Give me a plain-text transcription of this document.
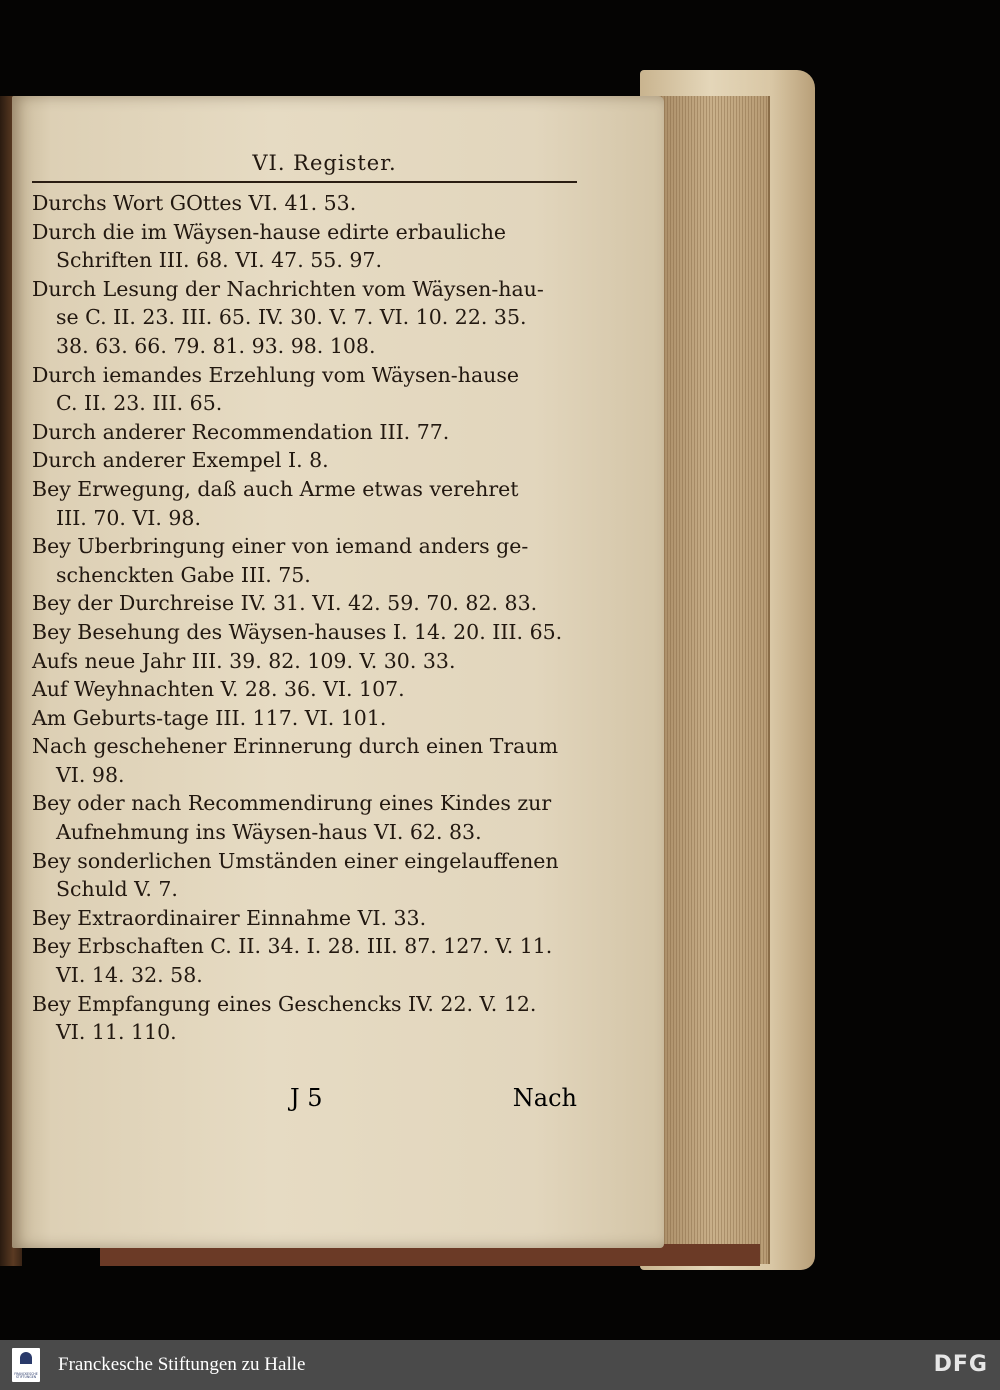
VI. Register.
Durchs Wort GOttes VI. 41. 53.
Durch die im Wäysen-hause edirte erbauliche
Schriften III. 68. VI. 47. 55. 97.
Durch Lesung der Nachrichten vom Wäysen-hau-
se C. II. 23. III. 65. IV. 30. V. 7. VI. 10. 22. 35.
38. 63. 66. 79. 81. 93. 98. 108.
Durch iemandes Erzehlung vom Wäysen-hause
C. II. 23. III. 65.
Durch anderer Recommendation III. 77.
Durch anderer Exempel I. 8.
Bey Erwegung, daß auch Arme etwas verehret
III. 70. VI. 98.
Bey Uberbringung einer von iemand anders ge-
schenckten Gabe III. 75.
Bey der Durchreise IV. 31. VI. 42. 59. 70. 82. 83.
Bey Besehung des Wäysen-hauses I. 14. 20. III. 65.
Aufs neue Jahr III. 39. 82. 109. V. 30. 33.
Auf Weyhnachten V. 28. 36. VI. 107.
Am Geburts-tage III. 117. VI. 101.
Nach geschehener Erinnerung durch einen Traum
VI. 98.
Bey oder nach Recommendirung eines Kindes zur
Aufnehmung ins Wäysen-haus VI. 62. 83.
Bey sonderlichen Umständen einer eingelauffenen
Schuld V. 7.
Bey Extraordinairer Einnahme VI. 33.
Bey Erbschaften C. II. 34. I. 28. III. 87. 127. V. 11.
VI. 14. 32. 58.
Bey Empfangung eines Geschencks IV. 22. V. 12.
VI. 11. 110.
J 5	Nach
FRANCKESCHE STIFTUNGEN
Franckesche Stiftungen zu Halle	DFG
